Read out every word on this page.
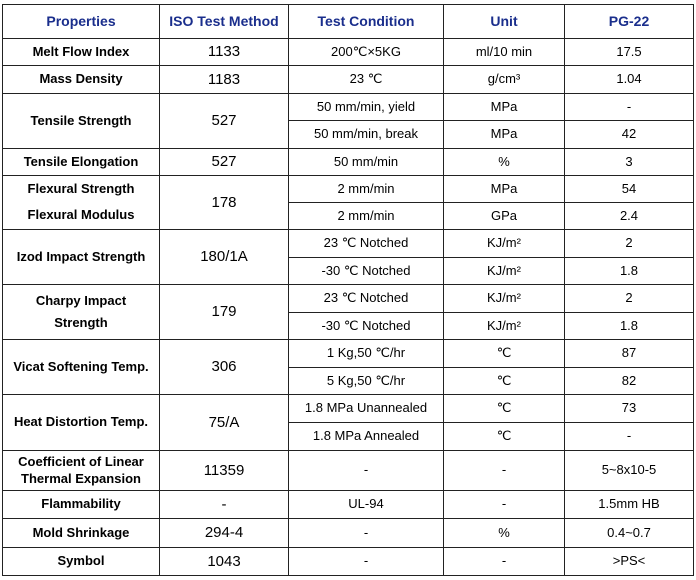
Properties	ISO Test Method	Test Condition	Unit	PG-22
Melt Flow Index	1133	200℃×5KG	ml/10 min	17.5
Mass Density	1183	23 ℃	g/cm³	1.04
Tensile Strength	527	50 mm/min, yield	MPa	-
		50 mm/min, break	MPa	42
Tensile Elongation	527	50 mm/min	%	3
Flexural Strength	178	2 mm/min	MPa	54
Flexural Modulus		2 mm/min	GPa	2.4
Izod Impact Strength	180/1A	23 ℃ Notched	KJ/m²	2
		-30 ℃ Notched	KJ/m²	1.8

Charpy Impact
Strength	179	23 ℃ Notched	KJ/m²	2
		-30 ℃ Notched	KJ/m²	1.8
Vicat Softening Temp.	306	1 Kg,50 ℃/hr	℃	87
		5 Kg,50 ℃/hr	℃	82
Heat Distortion Temp.	75/A	1.8 MPa Unannealed	℃	73
		1.8 MPa Annealed	℃	-

Coefficient of Linear
Thermal Expansion	11359	-	-	5~8x10-5
Flammability	-	UL-94	-	1.5mm HB
Mold Shrinkage	294-4	-	%	0.4~0.7
Symbol	1043	-	-	>PS<
